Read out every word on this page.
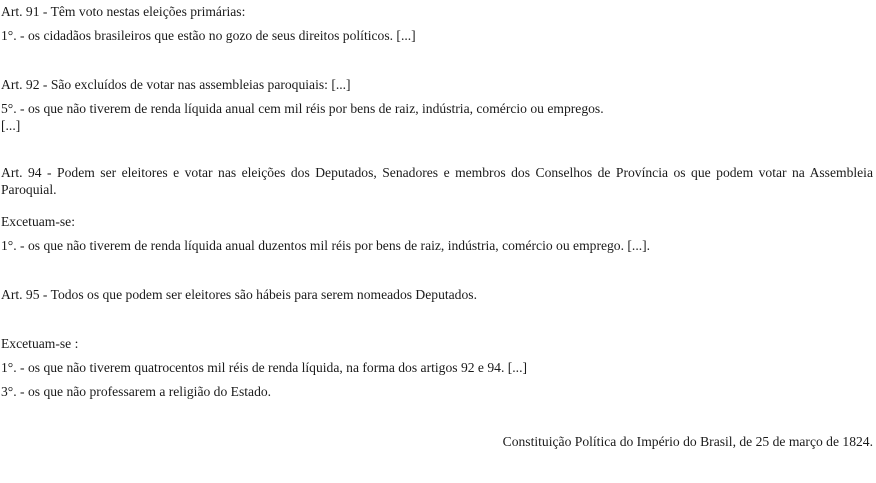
Art. 91 - Têm voto nestas eleições primárias:
1°. - os cidadãos brasileiros que estão no gozo de seus direitos políticos. [...]
Art. 92 - São excluídos de votar nas assembleias paroquiais: [...]
5°. - os que não tiverem de renda líquida anual cem mil réis por bens de raiz, indústria, comércio ou empregos.
[...]
Art. 94 - Podem ser eleitores e votar nas eleições dos Deputados, Senadores e membros dos Conselhos de Província os que podem votar na Assembleia Paroquial.
Excetuam-se:
1°. - os que não tiverem de renda líquida anual duzentos mil réis por bens de raiz, indústria, comércio ou emprego. [...].
Art. 95 - Todos os que podem ser eleitores são hábeis para serem nomeados Deputados.
Excetuam-se :
1°. - os que não tiverem quatrocentos mil réis de renda líquida, na forma dos artigos 92 e 94. [...]
3°. - os que não professarem a religião do Estado.
Constituição Política do Império do Brasil, de 25 de março de 1824.
